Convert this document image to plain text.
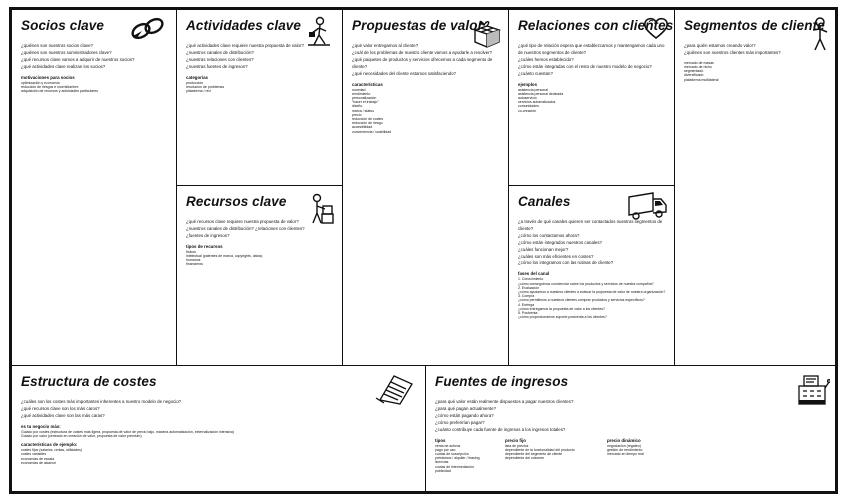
Socios clave
¿quiénes son nuestros socios clave?
¿quiénes son nuestros suministradores clave?
¿qué recursos clave vamos a adquirir de nuestros socios?
¿qué actividades clave realizan los socios?
motivaciones para socios
optimización y economía
reducción de riesgos e incertidumbre
adquisición de recursos y actividades particulares
Actividades clave
¿qué actividades clave requiere nuestra propuesta de valor?
¿nuestros canales de distribución?
¿nuestras relaciones con clientes?
¿nuestras fuentes de ingresos?
categorías
producción
resolución de problemas
plataforma / red
Recursos clave
¿qué recursos clave requiere nuestra propuesta de valor?
¿nuestros canales de distribución? ¿relaciones con clientes?
¿fuentes de ingresos?
tipos de recursos
físicos
intelectual (patentes de marca, copyrights, datos)
humanos
financieros
Propuestas de valor
¿qué valor entregamos al cliente?
¿cuál de los problemas de nuestro cliente vamos a ayudarle a resolver?
¿qué paquetes de productos y servicios ofrecemos a cada segmento de cliente?
¿qué necesidades del cliente estamos satisfaciendo?
características
novedad
rendimiento
personalización
“hacer el trabajo”
diseño
marca / status
precio
reducción de costes
reducción de riesgo
accesibilidad
conveniencia / usabilidad
Relaciones con clientes
¿qué tipo de relación espera que establezcamos y mantengamos cada uno de nuestros segmentos de cliente?
¿cuáles hemos establecido?
¿cómo están integradas con el resto de nuestro modelo de negocio?
¿cuánto cuestan?
ejemplos
asistencia personal
asistencia personal dedicada
autoservicio
servicios automatizados
comunidades
co-creación
Canales
¿a través de qué canales quieren ser contactados nuestros segmentos de cliente?
¿cómo los contactamos ahora?
¿cómo están integrados nuestros canales?
¿cuáles funcionan mejor?
¿cuáles son más eficientes en costes?
¿cómo los integramos con las rutinas de cliente?
fases del canal
1. Conocimiento
¿cómo conseguimos concienciar sobre los productos y servicios de nuestra compañía?
2. Evaluación
¿cómo ayudamos a nuestros clientes a evaluar la propuesta de valor de nuestra organización?
3. Compra
¿cómo permitimos a nuestros clientes comprar productos y servicios específicos?
4. Entrega
¿cómo entregamos la propuesta de valor a los clientes?
5. Postventa
¿cómo proporcionamos soporte postventa a los clientes?
Segmentos de cliente
¿para quién estamos creando valor?
¿quiénes son nuestros clientes más importantes?
mercado de masas
mercado de nicho
segmentado
diversificado
plataforma multilateral
Estructura de costes
¿cuáles son los costes más importantes inherentes a nuestro modelo de negocio?
¿qué recursos clave son los más caros?
¿qué actividades clave son las más caras?
es tu negocio más:
Guiado por costes (estructura de costes más ligera, propuesta de valor de precio bajo, máxima automatización, externalización intensiva)
Guiado por valor (centrado en creación de valor, propuesta de valor premium)
características de ejemplo:
costes fijos (salarios, rentas, utilidades)
costes variables
economías de escala
economías de alcance
Fuentes de ingresos
¿para qué valor están realmente dispuestos a pagar nuestros clientes?
¿para qué pagan actualmente?
¿cómo están pagando ahora?
¿cómo preferirían pagar?
¿cuánto contribuye cada fuente de ingresos a los ingresos totales?
tipos
venta de activos
pago por uso
cuotas de suscripción
préstamos / alquiler / leasing
licencias
cuotas de intermediación
publicidad
precio fijo
lista de precios
dependiente de la funcionalidad del producto
dependiente del segmento de cliente
dependiente del volumen
precio dinámico
negociación (regateo)
gestión de rendimiento
mercado en tiempo real
